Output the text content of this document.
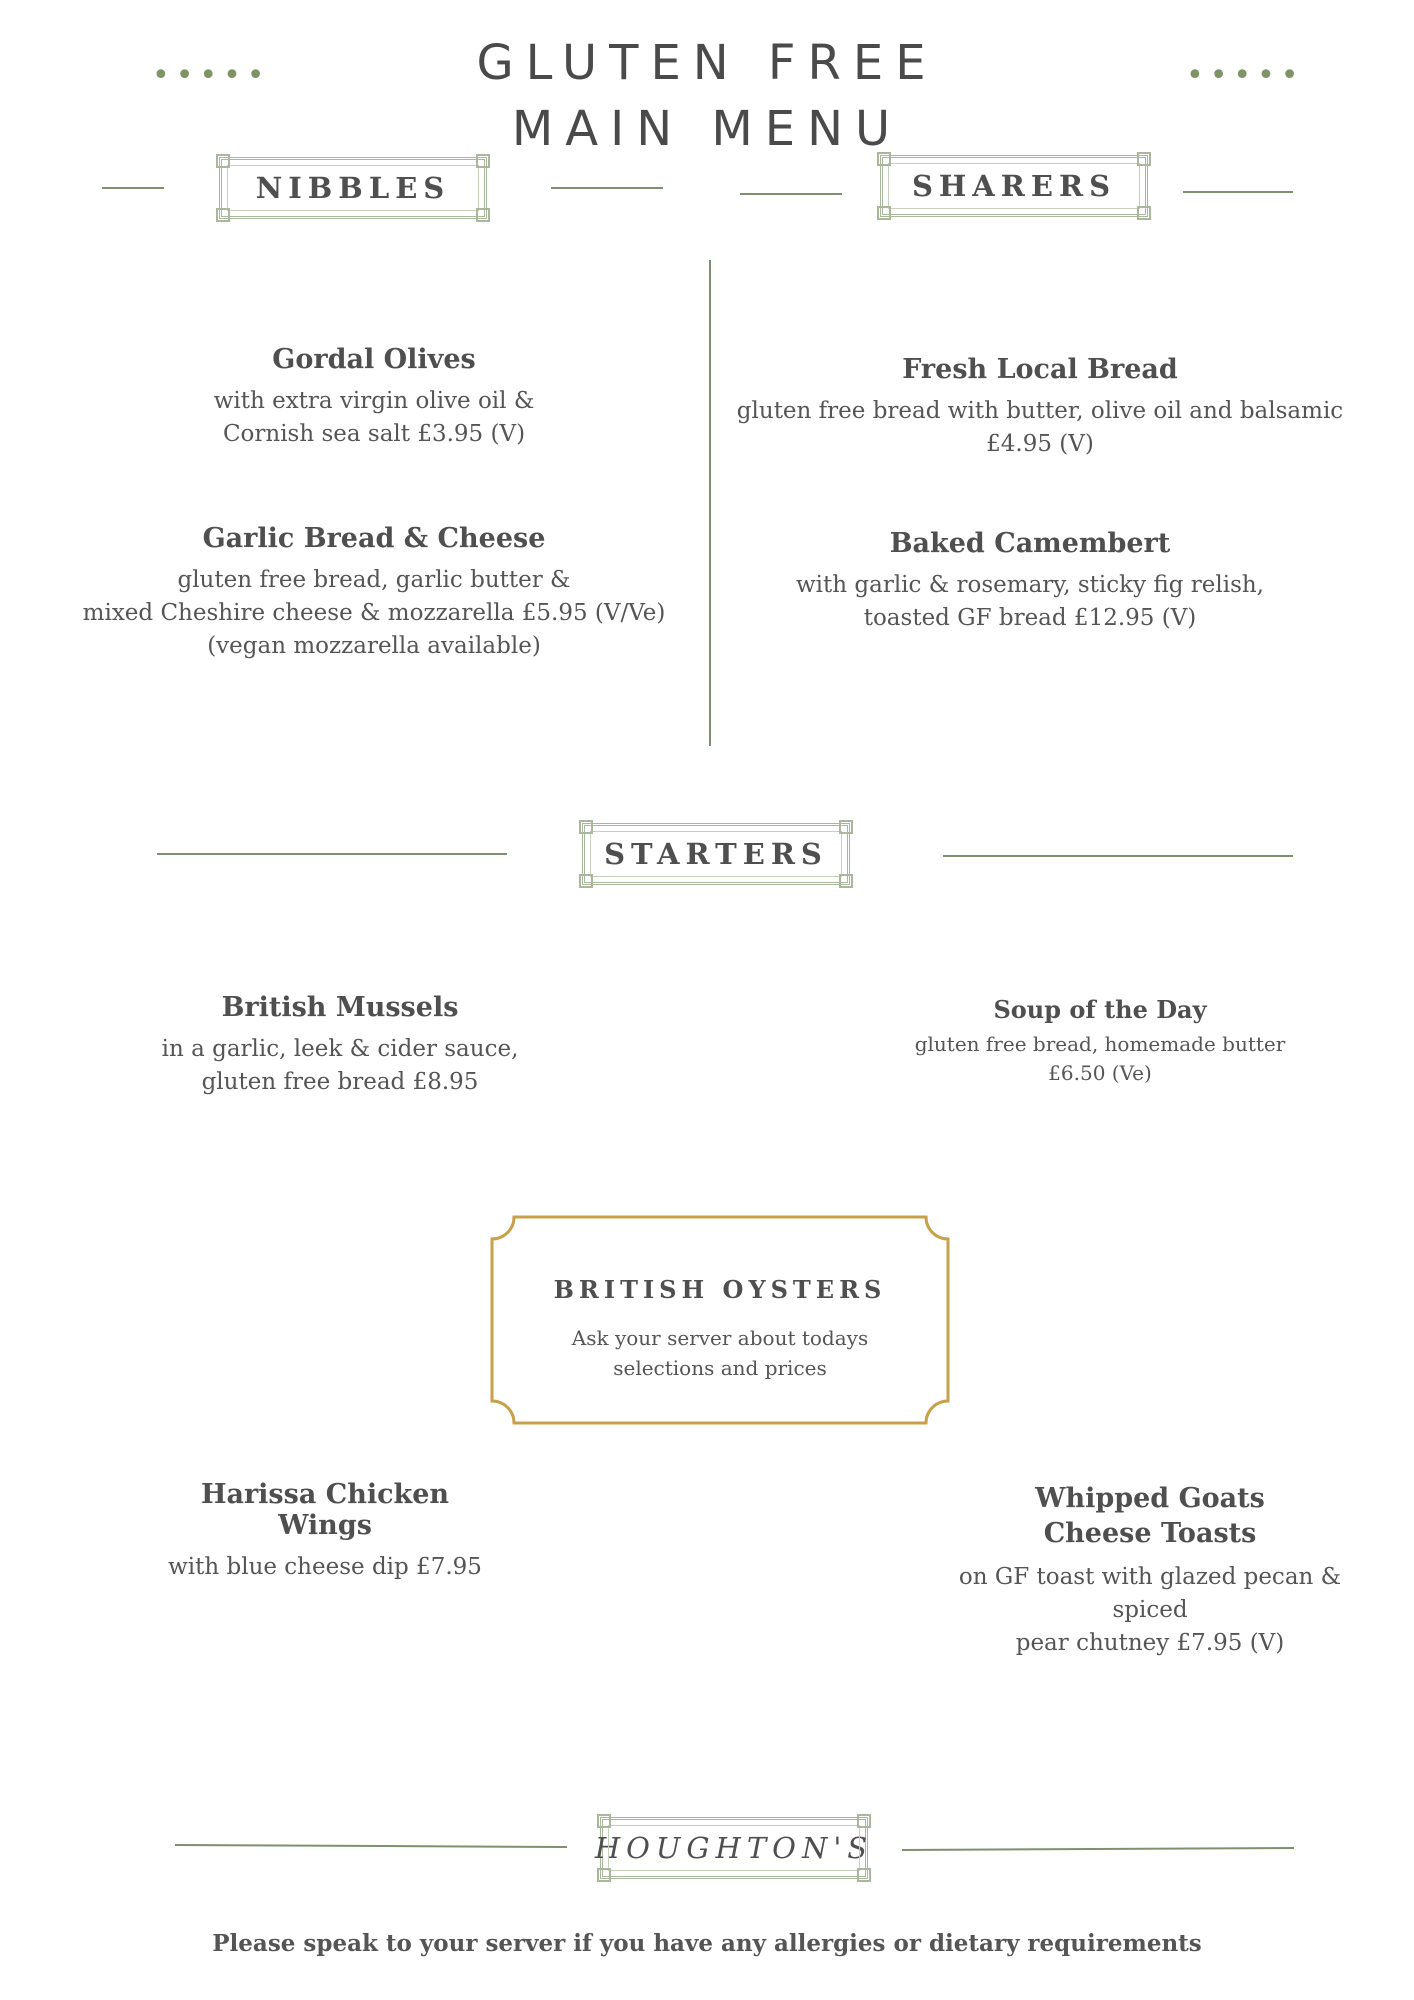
•••••	•••••
GLUTEN FREE
MAIN MENU
NIBBLES	SHARERS
Gordal Olives
with extra virgin olive oil &
Cornish sea salt £3.95 (V)
Garlic Bread & Cheese
gluten free bread, garlic butter &
mixed Cheshire cheese & mozzarella £5.95 (V/Ve)
(vegan mozzarella available)
Fresh Local Bread
gluten free bread with butter, olive oil and balsamic
£4.95 (V)
Baked Camembert
with garlic & rosemary, sticky fig relish,
toasted GF bread £12.95 (V)
STARTERS
British Mussels
in a garlic, leek & cider sauce,
gluten free bread £8.95
Soup of the Day
gluten free bread, homemade butter
£6.50 (Ve)
BRITISH OYSTERS
Ask your server about todays
selections and prices
Harissa Chicken Wings
with blue cheese dip £7.95
Whipped Goats
Cheese Toasts
on GF toast with glazed pecan & spiced
pear chutney £7.95 (V)
HOUGHTON'S
Please speak to your server if you have any allergies or dietary requirements
